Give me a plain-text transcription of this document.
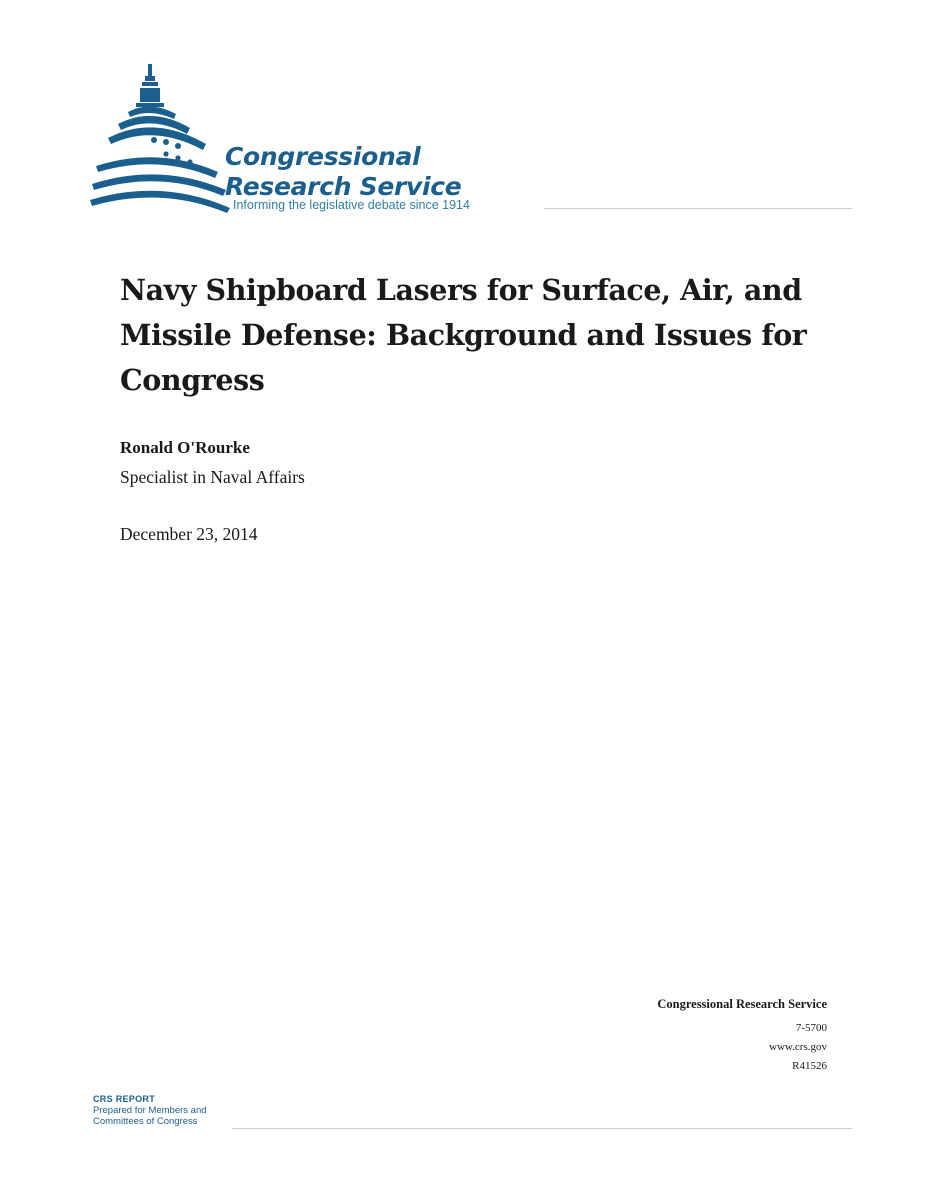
Congressional
Research Service
Informing the legislative debate since 1914
Navy Shipboard Lasers for Surface, Air, and Missile Defense: Background and Issues for Congress
Ronald O'Rourke
Specialist in Naval Affairs
December 23, 2014
Congressional Research Service
7-5700
www.crs.gov
R41526
CRS REPORT
Prepared for Members and
Committees of Congress
